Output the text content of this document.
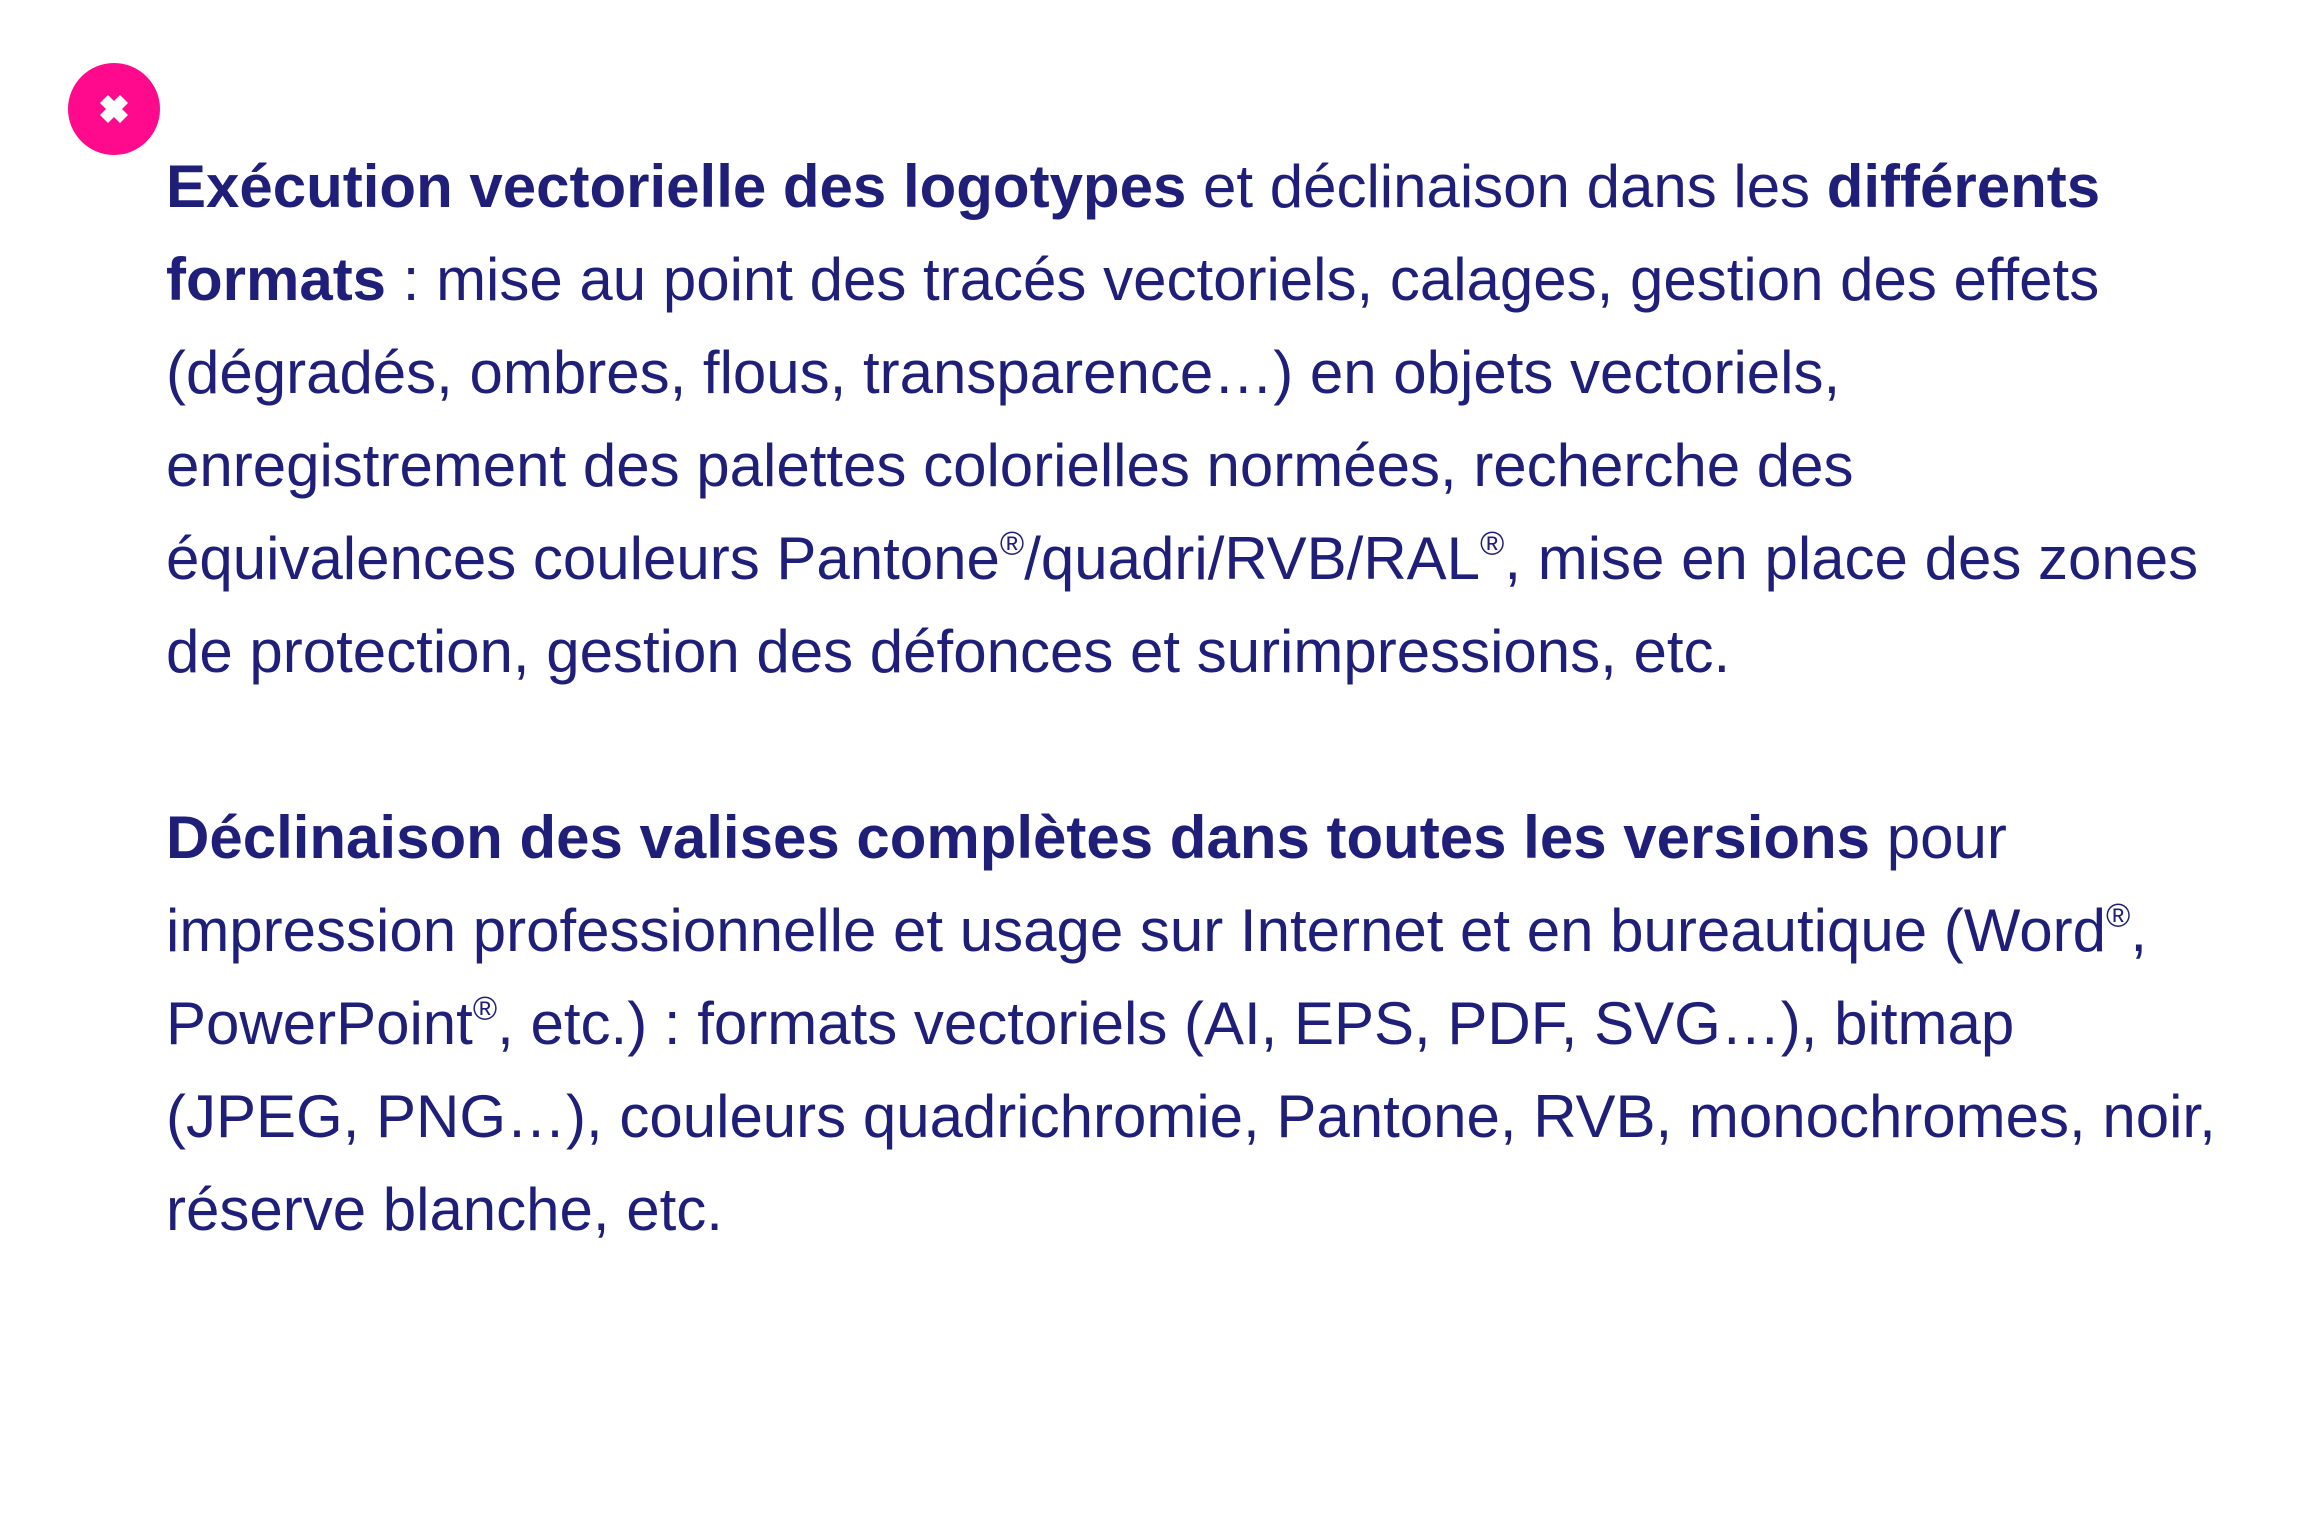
Exécution vectorielle des logotypes et déclinaison dans les différents formats : mise au point des tracés vectoriels, calages, gestion des effets (dégradés, ombres, flous, transparence…) en objets vectoriels, enregistrement des palettes colorielles normées, recherche des équivalences couleurs Pantone®/quadri/RVB/RAL®, mise en place des zones de protection, gestion des défonces et surimpressions, etc.

Déclinaison des valises complètes dans toutes les versions pour impression professionnelle et usage sur Internet et en bureautique (Word®, PowerPoint®, etc.) : formats vectoriels (AI, EPS, PDF, SVG…), bitmap (JPEG, PNG…), couleurs quadrichromie, Pantone, RVB, monochromes, noir, réserve blanche, etc.
